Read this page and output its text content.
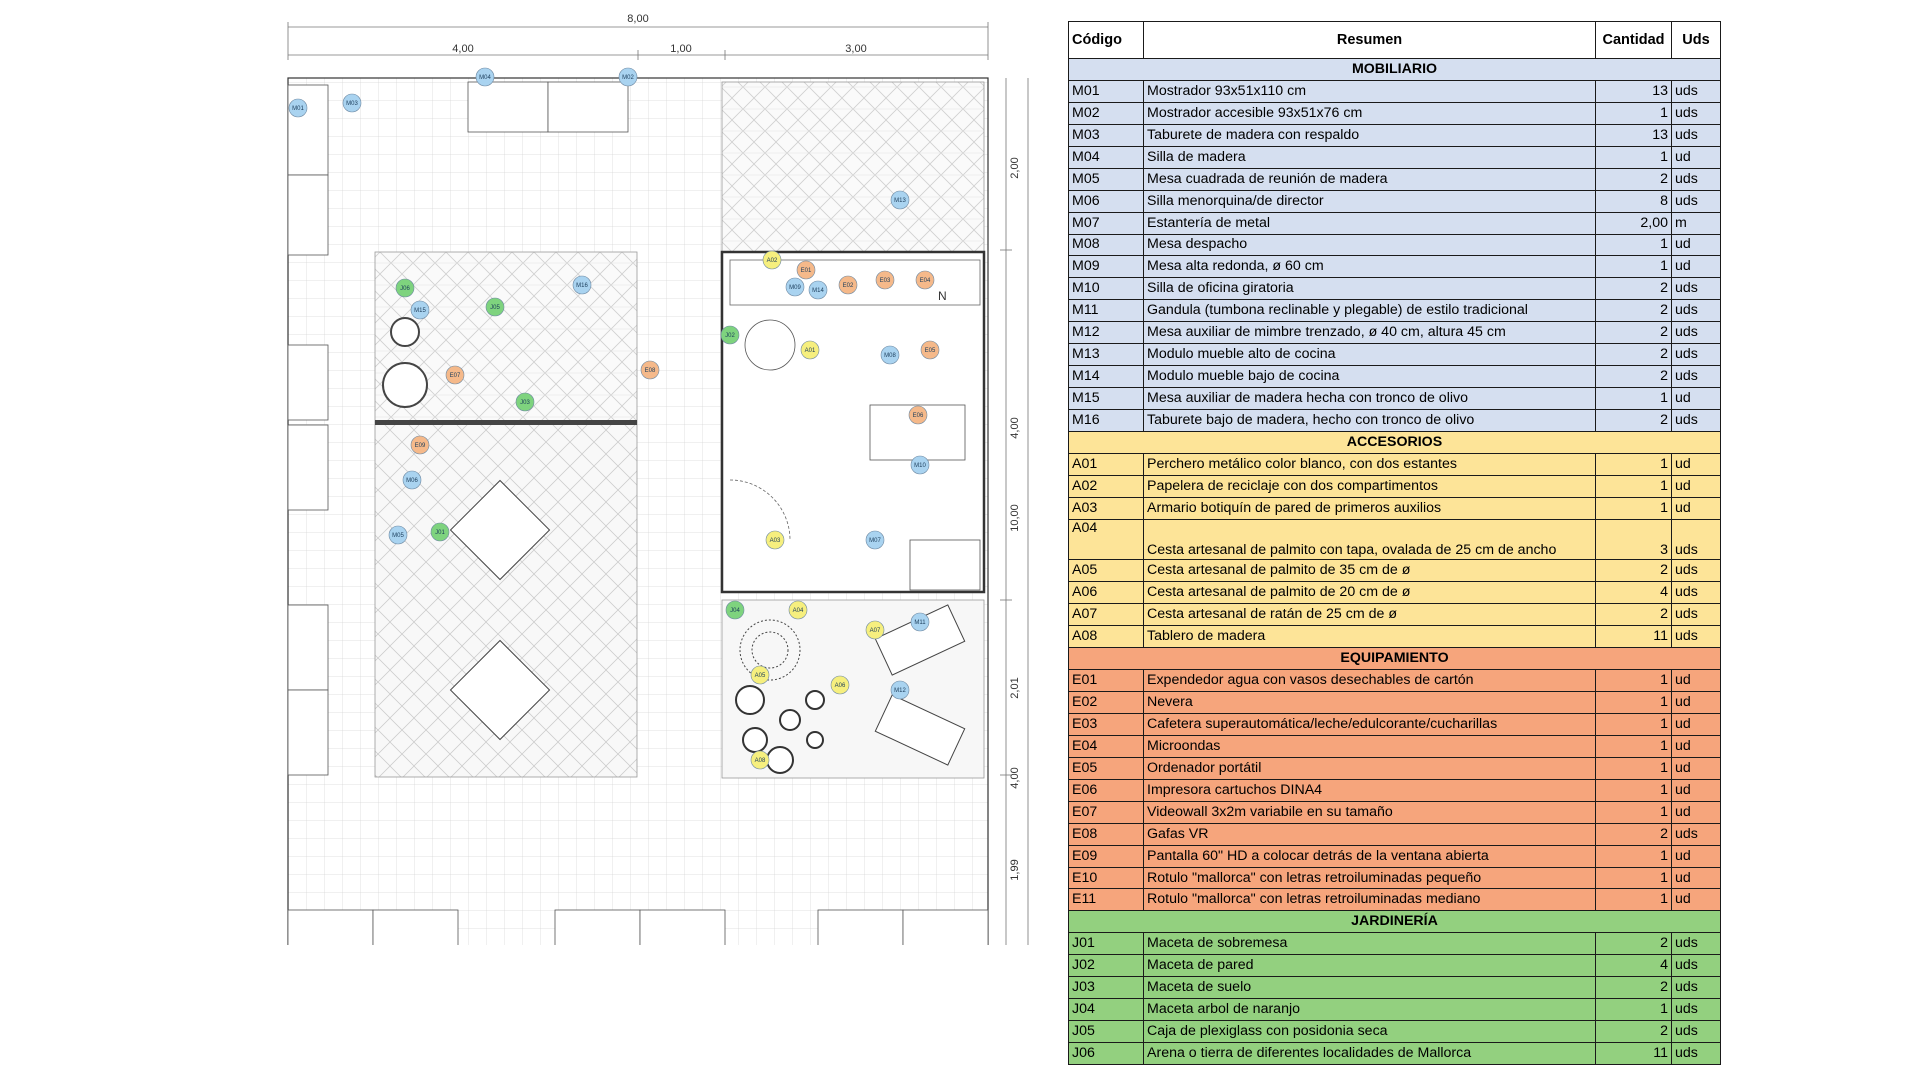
8,00
4,00	1,00	3,00
2,00
4,00
2,01
4,00
1,99
10,00
N
M01
M02
M03
M04
M05
M06
M07
M08
M09
M10
M11
M12
M13
M14
M15
M16
A01
A02
A03
A04
A05
A06
A07
A08
E01
E02
E03	E04
E05
E06
E07
E08
E09
J01
J02
J03
J04
J05
J06
Código	Resumen	Cantidad	Uds
MOBILIARIO			
M01	Mostrador 93x51x110 cm	13	uds
M02	Mostrador accesible 93x51x76 cm	1	uds
M03	Taburete de madera con respaldo	13	uds
M04	Silla de madera	1	ud
M05	Mesa cuadrada de reunión de madera	2	uds
M06	Silla menorquina/de director	8	uds
M07	Estantería de metal	2,00	m
M08	Mesa despacho	1	ud
M09	Mesa alta redonda, ø 60 cm	1	ud
M10	Silla de oficina giratoria	2	uds
M11	Gandula (tumbona reclinable y plegable) de estilo tradicional	2	uds
M12	Mesa auxiliar de mimbre trenzado, ø 40 cm, altura 45 cm	2	uds
M13	Modulo mueble alto de cocina	2	uds
M14	Modulo mueble bajo de cocina	2	uds
M15	Mesa auxiliar de madera hecha con tronco de olivo	1	ud
M16	Taburete bajo de madera, hecho con tronco de olivo	2	uds
ACCESORIOS			
A01	Perchero metálico color blanco, con dos estantes	1	ud
A02	Papelera de reciclaje con dos compartimentos	1	ud
A03	Armario botiquín de pared de primeros auxilios	1	ud
A04	Cesta artesanal de palmito con tapa, ovalada de 25 cm de ancho	3	uds
A05	Cesta artesanal de palmito de 35 cm de ø	2	uds
A06	Cesta artesanal de palmito de 20 cm de ø	4	uds
A07	Cesta artesanal de ratán de 25 cm de ø	2	uds
A08	Tablero de madera	11	uds
EQUIPAMIENTO			
E01	Expendedor agua con vasos desechables de cartón	1	ud
E02	Nevera	1	ud
E03	Cafetera superautomática/leche/edulcorante/cucharillas	1	ud
E04	Microondas	1	ud
E05	Ordenador portátil	1	ud
E06	Impresora cartuchos DINA4	1	ud
E07	Videowall 3x2m variabile en su tamaño	1	ud
E08	Gafas VR	2	uds
E09	Pantalla 60" HD a colocar detrás de la ventana abierta	1	ud
E10	Rotulo "mallorca" con letras retroiluminadas pequeño	1	ud
E11	Rotulo "mallorca" con letras retroiluminadas mediano	1	ud
JARDINERÍA			
J01	Maceta de sobremesa	2	uds
J02	Maceta de pared	4	uds
J03	Maceta de suelo	2	uds
J04	Maceta arbol de naranjo	1	uds
J05	Caja de plexiglass con posidonia seca	2	uds
J06	Arena o tierra de diferentes localidades de Mallorca	11	uds
